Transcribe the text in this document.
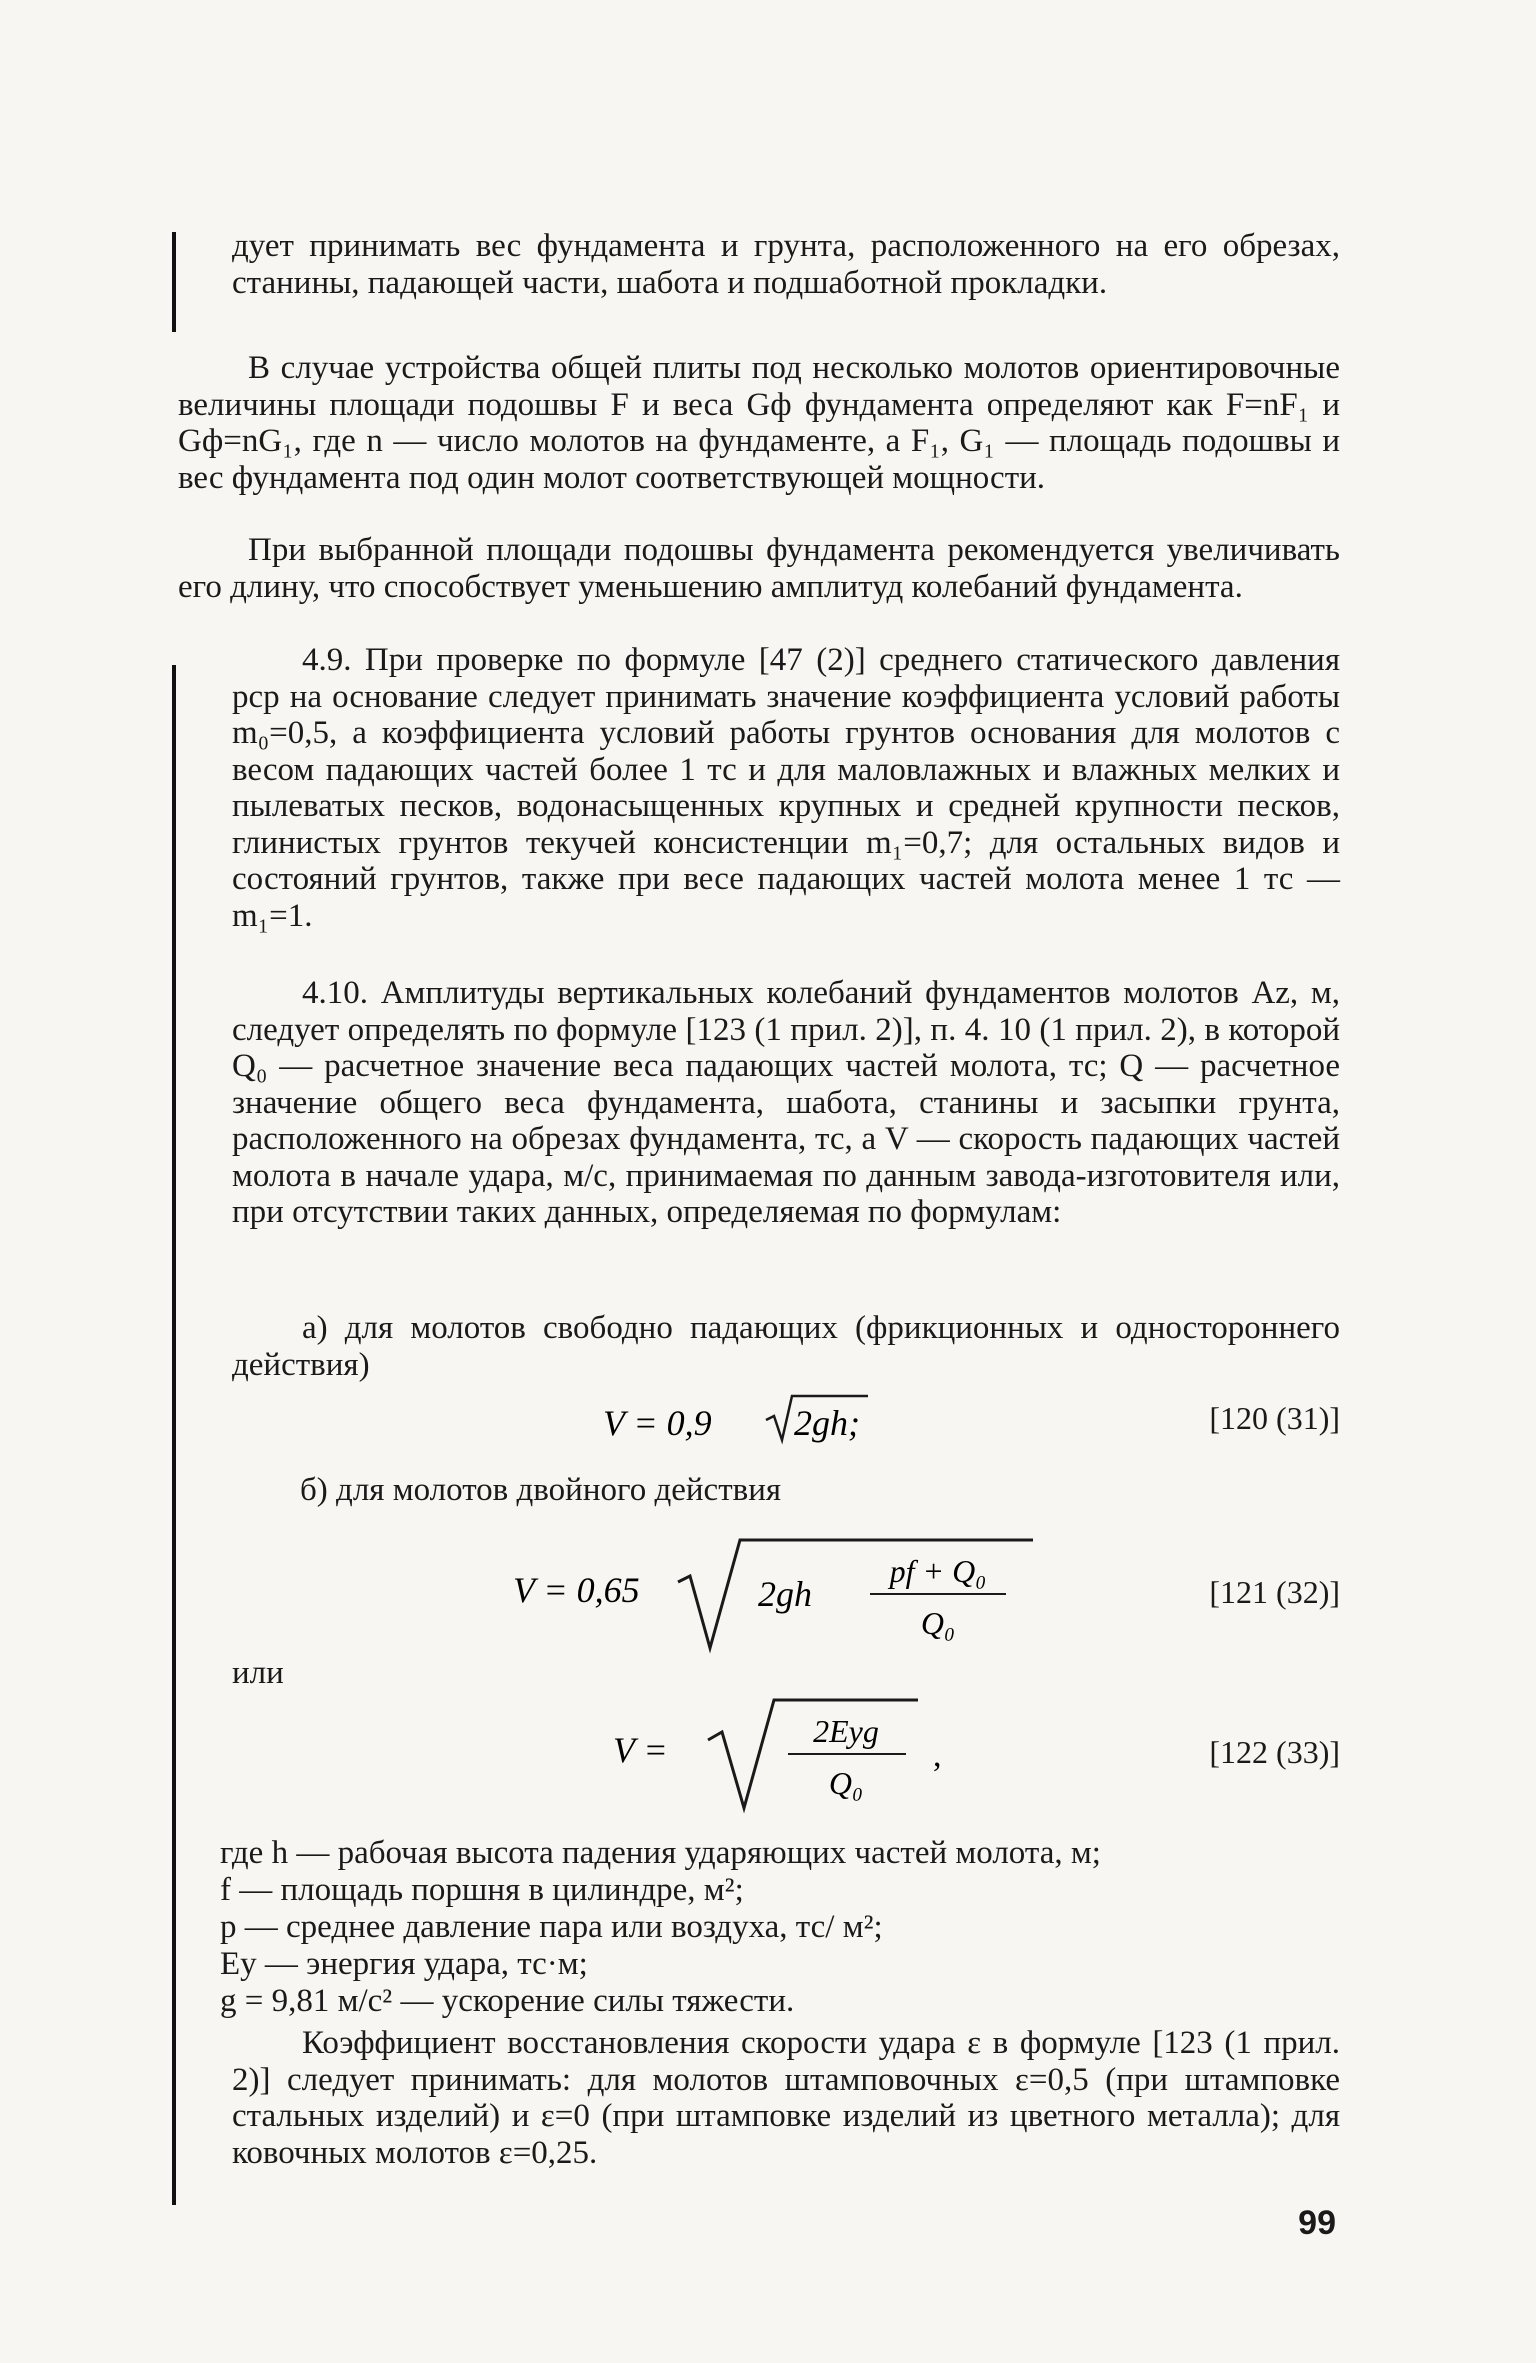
дует принимать вес фундамента и грунта, расположенного на его обрезах, станины, падающей части, шабота и подшаботной прокладки.

В случае устройства общей плиты под несколько молотов ориентировочные величины площади подошвы F и веса Gф фундамента определяют как F=nF₁ и Gф=nG₁, где n — число молотов на фундаменте, а F₁, G₁ — площадь подошвы и вес фундамента под один молот соответствующей мощности.

При выбранной площади подошвы фундамента рекомендуется увеличивать его длину, что способствует уменьшению амплитуд колебаний фундамента.

4.9. При проверке по формуле [47 (2)] среднего статического давления pср на основание следует принимать значение коэффициента условий работы m₀=0,5, а коэффициента условий работы грунтов основания для молотов с весом падающих частей более 1 тс и для маловлажных и влажных мелких и пылеватых песков, водонасыщенных крупных и средней крупности песков, глинистых грунтов текучей консистенции m₁=0,7; для остальных видов и состояний грунтов, также при весе падающих частей молота менее 1 тс — m₁=1.

4.10. Амплитуды вертикальных колебаний фундаментов молотов Az, м, следует определять по формуле [123 (1 прил. 2)], п. 4. 10 (1 прил. 2), в которой Q₀ — расчетное значение веса падающих частей молота, тс; Q — расчетное значение общего веса фундамента, шабота, станины и засыпки грунта, расположенного на обрезах фундамента, тс, а V — скорость падающих частей молота в начале удара, м/с, принимаемая по данным завода-изготовителя или, при отсутствии таких данных, определяемая по формулам:

а) для молотов свободно падающих (фрикционных и одностороннего действия)

V = 0,9 2gh;	[120 (31)]
б) для молотов двойного действия
V = 0,65	2gh
pf + Q₀
Q₀
[121 (32)]
или
V =	2Eуg
Q₀
,	[122 (33)]
где h — рабочая высота падения ударяющих частей молота, м;
f — площадь поршня в цилиндре, м²;
p — среднее давление пара или воздуха, тс/ м²;
Eу — энергия удара, тс·м;
g = 9,81 м/с² — ускорение силы тяжести.

Коэффициент восстановления скорости удара ε в формуле [123 (1 прил. 2)] следует принимать: для молотов штамповочных ε=0,5 (при штамповке стальных изделий) и ε=0 (при штамповке изделий из цветного металла); для ковочных молотов ε=0,25.

99
